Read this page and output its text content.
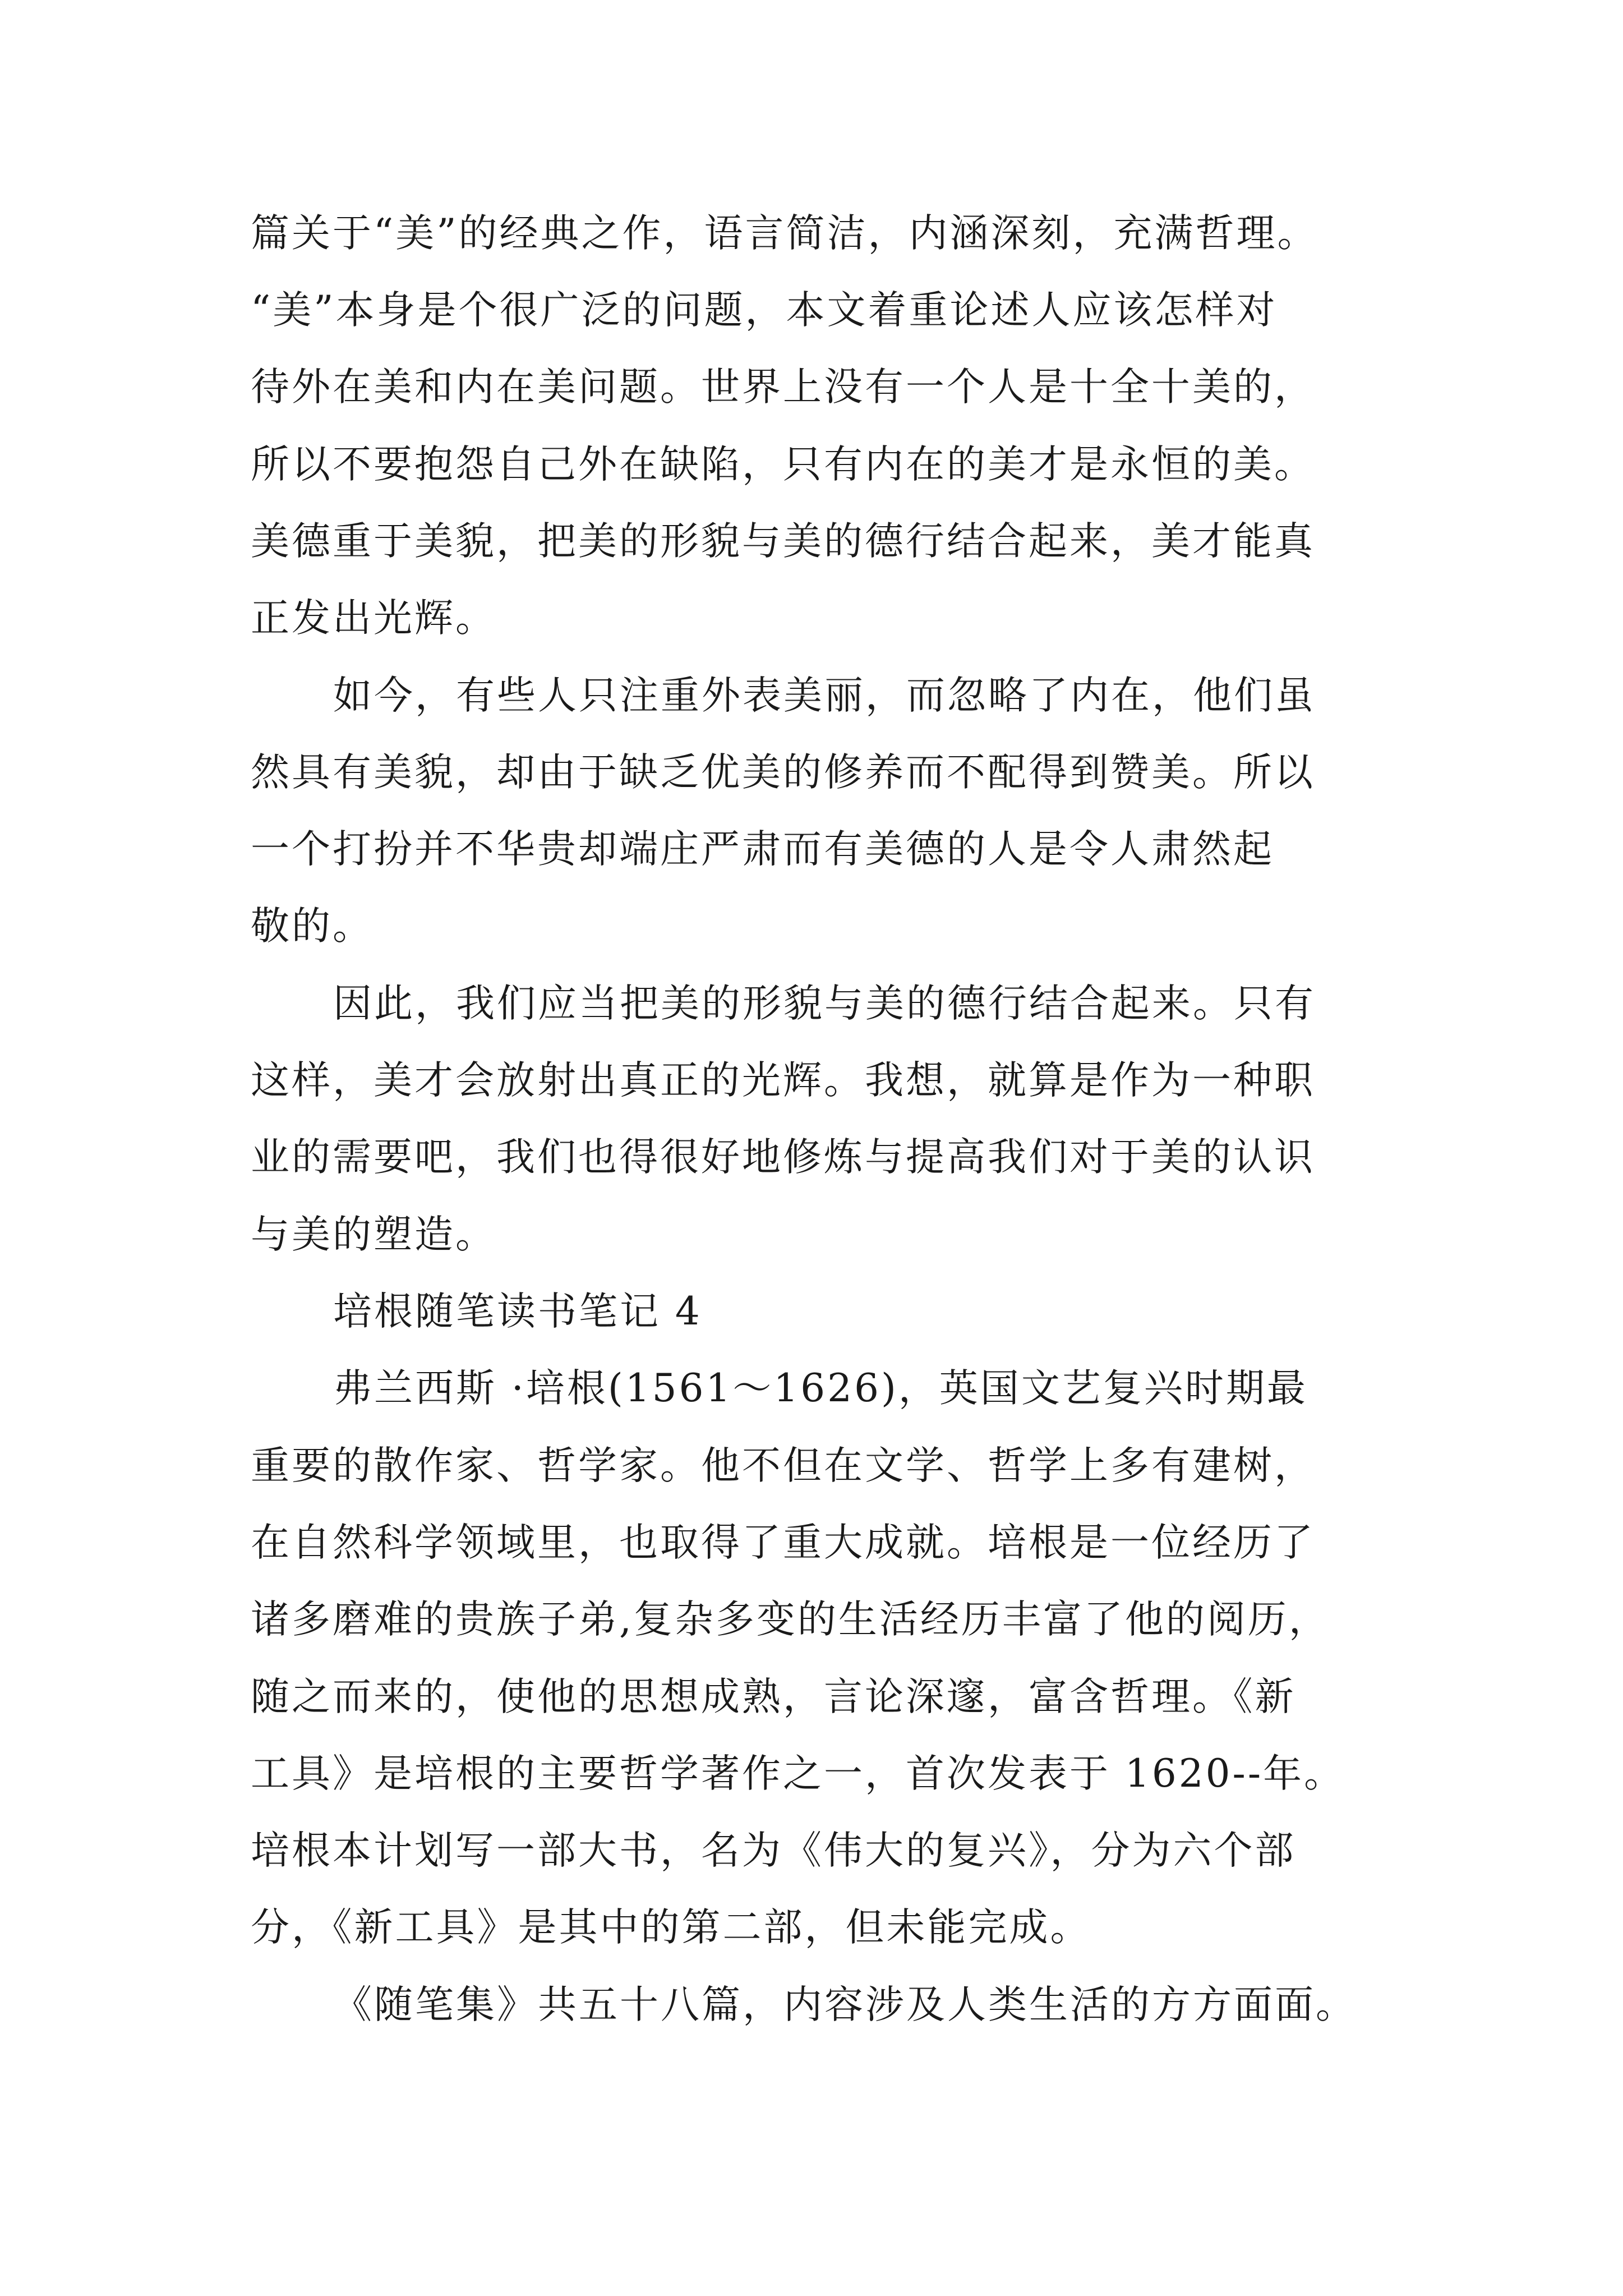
篇关于“美”的经典之作，语言简洁，内涵深刻，充满哲理。

“美”本身是个很广泛的问题，本文着重论述人应该怎样对

待外在美和内在美问题。世界上没有一个人是十全十美的，

所以不要抱怨自己外在缺陷，只有内在的美才是永恒的美。

美德重于美貌，把美的形貌与美的德行结合起来，美才能真

正发出光辉。

如今，有些人只注重外表美丽，而忽略了内在，他们虽

然具有美貌，却由于缺乏优美的修养而不配得到赞美。所以

一个打扮并不华贵却端庄严肃而有美德的人是令人肃然起

敬的。

因此，我们应当把美的形貌与美的德行结合起来。只有

这样，美才会放射出真正的光辉。我想，就算是作为一种职

业的需要吧，我们也得很好地修炼与提高我们对于美的认识

与美的塑造。

培根随笔读书笔记 4

弗兰西斯 ·培根(1561～1626)，英国文艺复兴时期最

重要的散作家、哲学家。他不但在文学、哲学上多有建树，

在自然科学领域里，也取得了重大成就。培根是一位经历了

诸多磨难的贵族子弟,复杂多变的生活经历丰富了他的阅历，

随之而来的，使他的思想成熟，言论深邃，富含哲理。《新

工具》是培根的主要哲学著作之一，首次发表于 1620--年。

培根本计划写一部大书，名为《伟大的复兴》，分为六个部

分，《新工具》是其中的第二部，但未能完成。

《随笔集》共五十八篇，内容涉及人类生活的方方面面。
